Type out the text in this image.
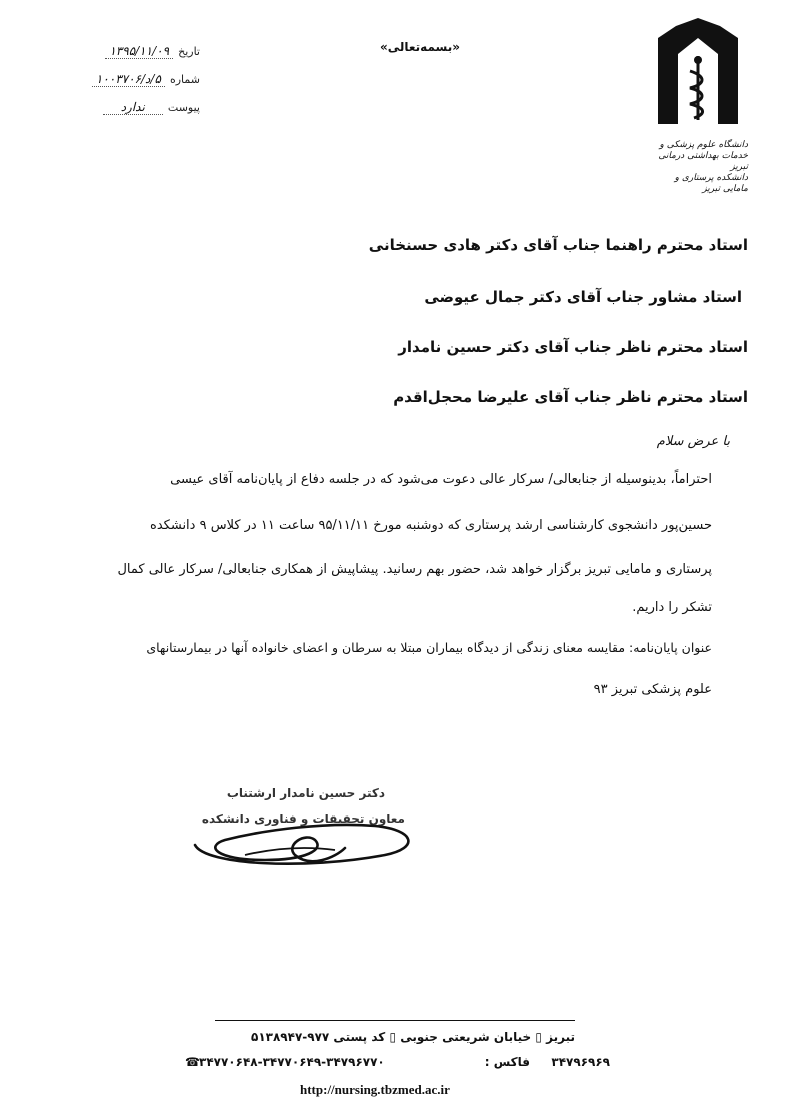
دانشگاه علوم پزشکی و خدمات بهداشتی درمانی تبریز
دانشکده پرستاری و مامایی تبریز
«بسمه‌تعالی»
تاریخ ۱۳۹۵/۱۱/۰۹
شماره ۵/د/۱۰۰۳۷۰۶
پیوست ندارد
استاد محترم راهنما جناب آقای دکتر هادی حسنخانی
استاد مشاور جناب آقای دکتر جمال عیوضی
استاد محترم ناظر جناب آقای دکتر حسین نامدار
استاد محترم ناظر جناب آقای علیرضا محجل‌اقدم
با عرض سلام
احتراماً، بدینوسیله از جنابعالی/ سرکار عالی دعوت می‌شود که در جلسه دفاع از پایان‌نامه آقای عیسی
حسین‌پور دانشجوی کارشناسی ارشد پرستاری که دوشنبه مورخ ۹۵/۱۱/۱۱ ساعت ۱۱ در کلاس ۹ دانشکده
پرستاری و مامایی تبریز برگزار خواهد شد، حضور بهم رسانید. پیشاپیش از همکاری جنابعالی/ سرکار عالی کمال
تشکر را داریم.
عنوان پایان‌نامه: مقایسه معنای زندگی از دیدگاه بیماران مبتلا به سرطان و اعضای خانواده آنها در بیمارستانهای
علوم پزشکی تبریز ۹۳
دکتر حسین نامدار ارشتناب
معاون تحقیقات و فناوری دانشکده
تبریز ▯ خیابان شریعتی جنوبی ▯ کد پستی ۹۷۷-۵۱۳۸۹۴۷
☎ ۳۴۷۷۰۶۴۸-۳۴۷۷۰۶۴۹-۳۴۷۹۶۷۷۰	فاکس : ۳۴۷۹۶۹۶۹
http://nursing.tbzmed.ac.ir
